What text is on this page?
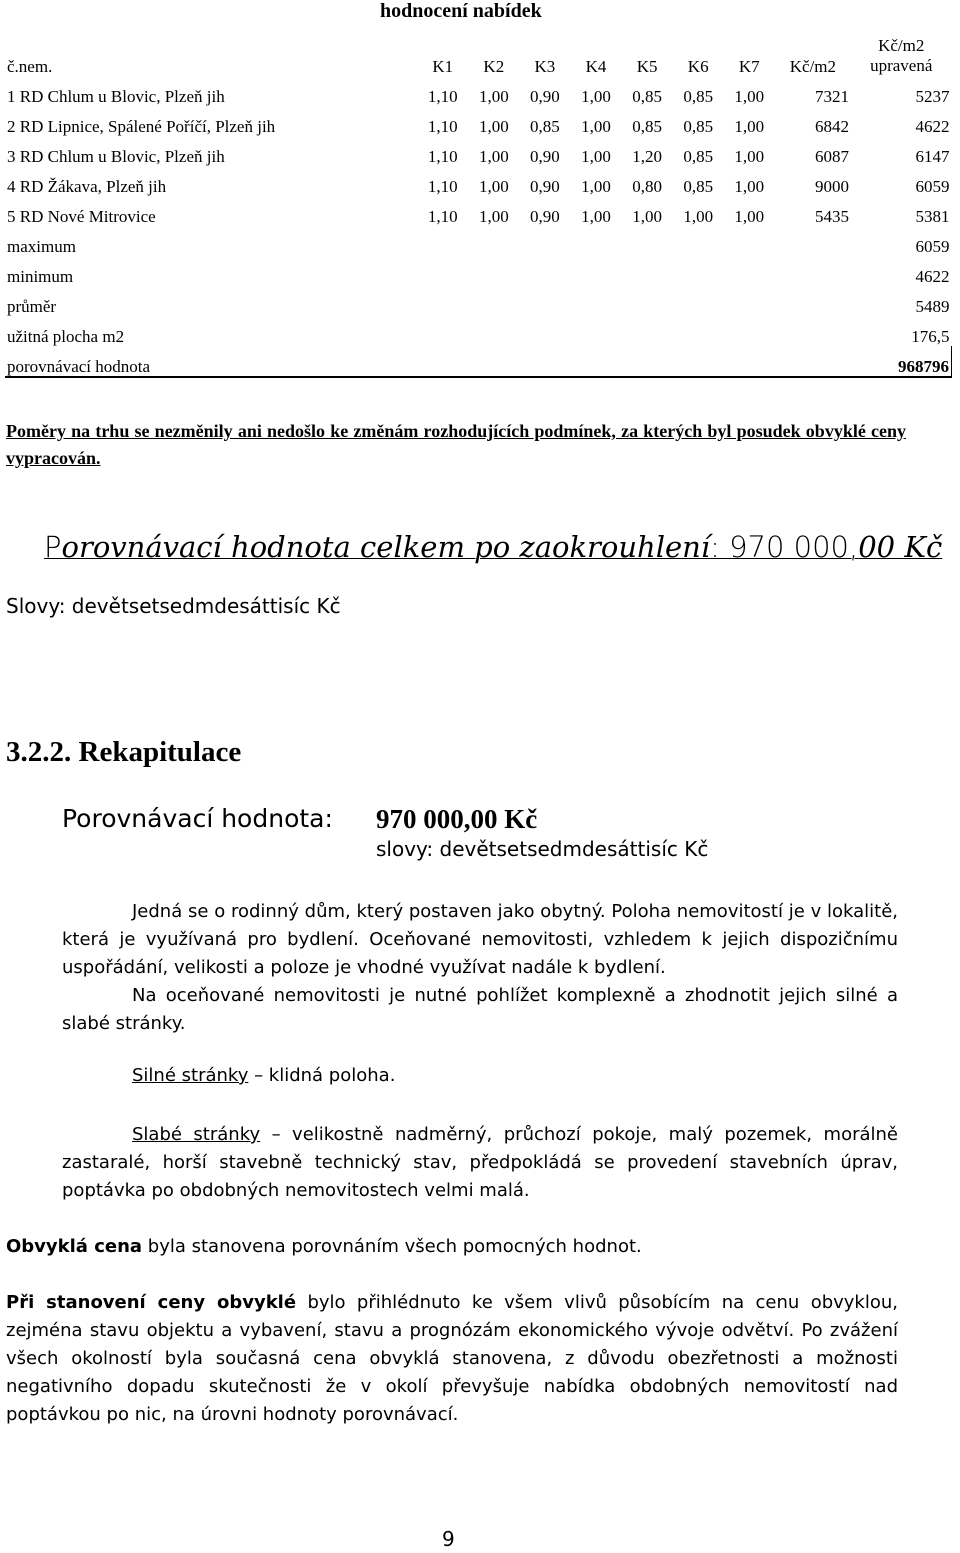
hodnocení nabídek
č.nem.	K1	K2	K3	K4	K5	K6	K7	Kč/m2	Kč/m2
upravená

1 RD Chlum u Blovic, Plzeň jih	1,10	1,00	0,90	1,00	0,85	0,85	1,00	7321	5237
2 RD Lipnice, Spálené Poříčí, Plzeň jih	1,10	1,00	0,85	1,00	0,85	0,85	1,00	6842	4622
3 RD Chlum u Blovic, Plzeň jih	1,10	1,00	0,90	1,00	1,20	0,85	1,00	6087	6147
4 RD Žákava, Plzeň jih	1,10	1,00	0,90	1,00	0,80	0,85	1,00	9000	6059
5 RD Nové Mitrovice	1,10	1,00	0,90	1,00	1,00	1,00	1,00	5435	5381
maximum									6059
minimum									4622
průměr									5489
užitná plocha m2									176,5
porovnávací hodnota									968796
Poměry na trhu se nezměnily ani nedošlo ke změnám rozhodujících podmínek, za kterých byl posudek obvyklé ceny vypracován.
Porovnávací hodnota celkem po zaokrouhlení: 970 000,00 Kč
Slovy: devětsetsedmdesáttisíc Kč
3.2.2. Rekapitulace
Porovnávací hodnota: 970 000,00 Kč
slovy: devětsetsedmdesáttisíc Kč
Jedná se o rodinný dům, který postaven jako obytný. Poloha nemovitostí je v lokalitě, která je využívaná pro bydlení. Oceňované nemovitosti, vzhledem k jejich dispozičnímu uspořádání, velikosti a poloze je vhodné využívat nadále k bydlení.
Na oceňované nemovitosti je nutné pohlížet komplexně a zhodnotit jejich silné a slabé stránky.
Silné stránky – klidná poloha.
Slabé stránky – velikostně nadměrný, průchozí pokoje, malý pozemek, morálně zastaralé, horší stavebně technický stav, předpokládá se provedení stavebních úprav, poptávka po obdobných nemovitostech velmi malá.
Obvyklá cena byla stanovena porovnáním všech pomocných hodnot.
Při stanovení ceny obvyklé bylo přihlédnuto ke všem vlivů působícím na cenu obvyklou, zejména stavu objektu a vybavení, stavu a prognózám ekonomického vývoje odvětví. Po zvážení všech okolností byla současná cena obvyklá stanovena, z důvodu obezřetnosti a možnosti negativního dopadu skutečnosti že v okolí převyšuje nabídka obdobných nemovitostí nad poptávkou po nic, na úrovni hodnoty porovnávací.
9
